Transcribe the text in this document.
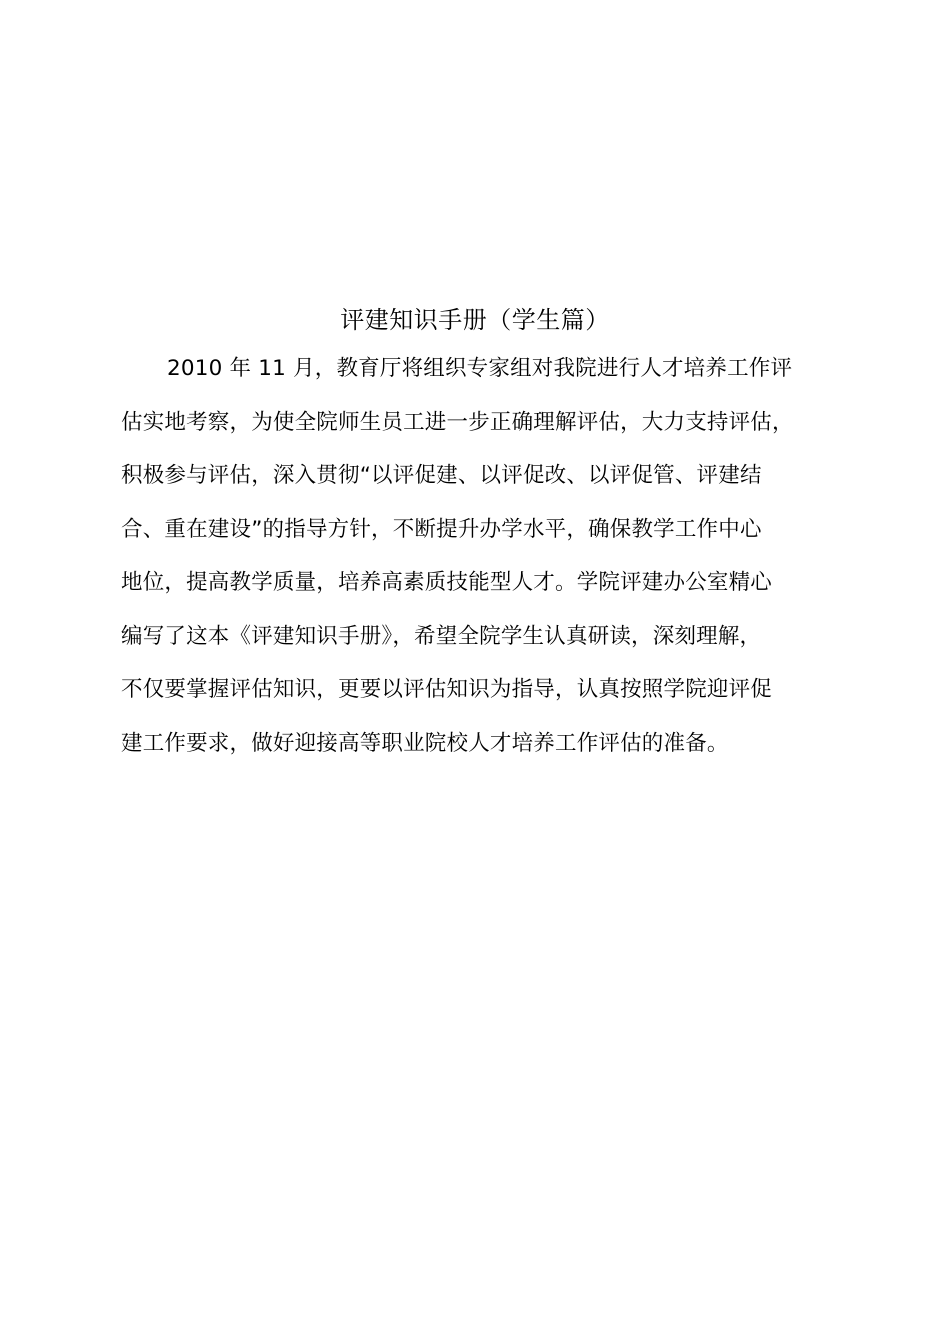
评建知识手册（学生篇）
2010 年 11 月，教育厅将组织专家组对我院进行人才培养工作评
估实地考察，为使全院师生员工进一步正确理解评估，大力支持评估，
积极参与评估，深入贯彻“以评促建、以评促改、以评促管、评建结
合、重在建设”的指导方针，不断提升办学水平，确保教学工作中心
地位，提高教学质量，培养高素质技能型人才。学院评建办公室精心
编写了这本《评建知识手册》，希望全院学生认真研读，深刻理解，
不仅要掌握评估知识，更要以评估知识为指导，认真按照学院迎评促
建工作要求，做好迎接高等职业院校人才培养工作评估的准备。
